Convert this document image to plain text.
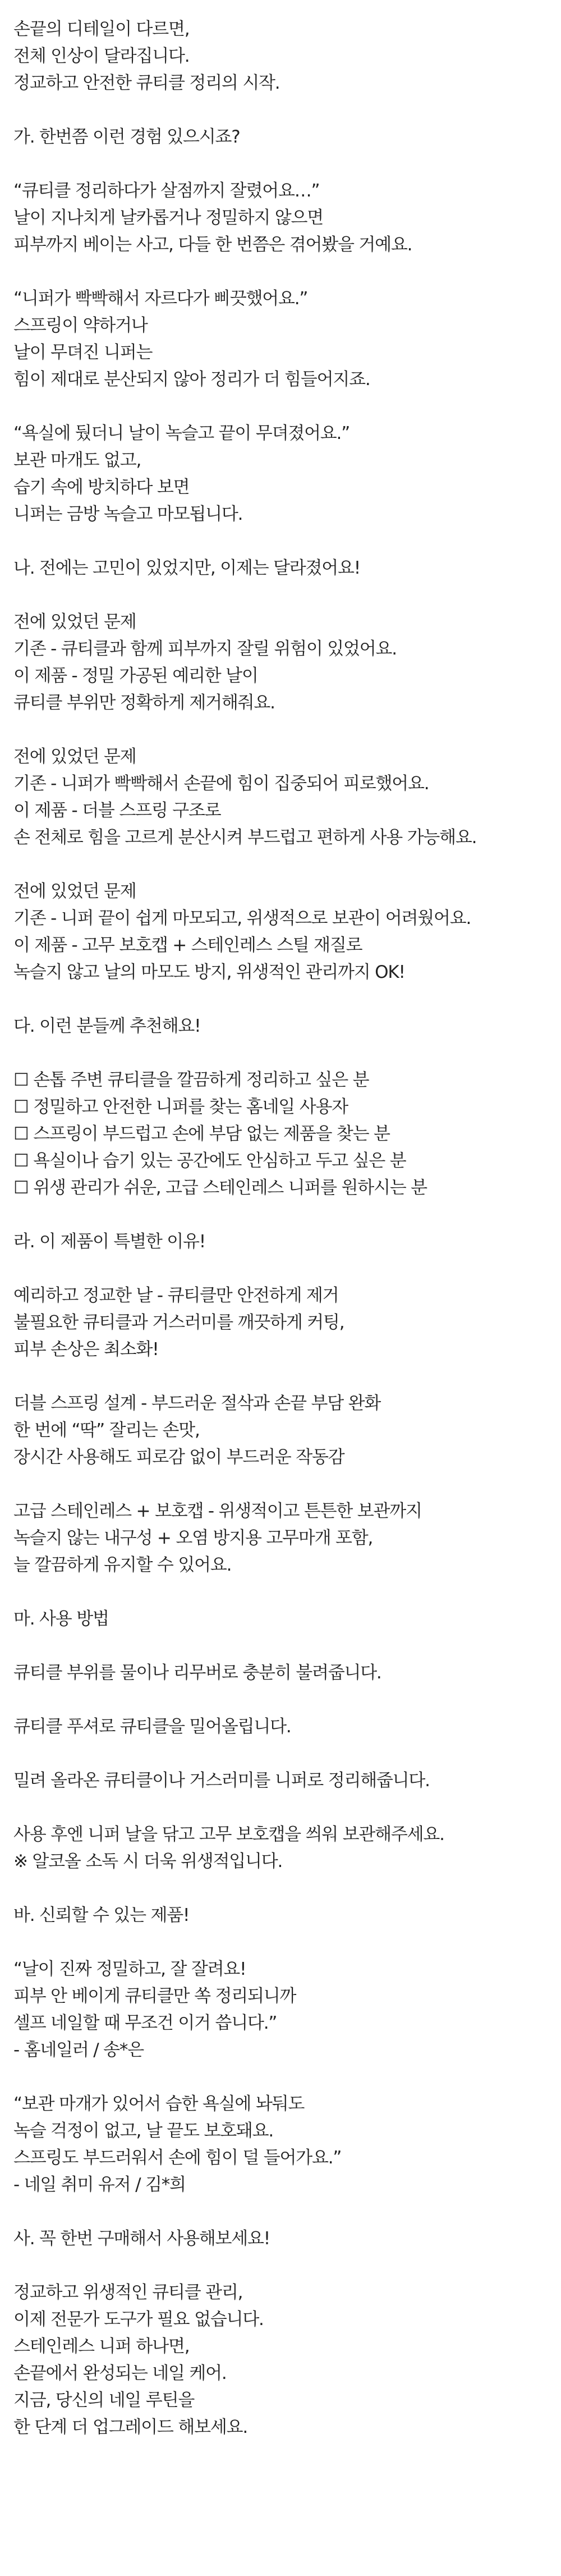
손끝의 디테일이 다르면,
전체 인상이 달라집니다.
정교하고 안전한 큐티클 정리의 시작.
가. 한번쯤 이런 경험 있으시죠?
“큐티클 정리하다가 살점까지 잘렸어요…”
날이 지나치게 날카롭거나 정밀하지 않으면
피부까지 베이는 사고, 다들 한 번쯤은 겪어봤을 거예요.
“니퍼가 빡빡해서 자르다가 삐끗했어요.”
스프링이 약하거나
날이 무뎌진 니퍼는
힘이 제대로 분산되지 않아 정리가 더 힘들어지죠.
“욕실에 뒀더니 날이 녹슬고 끝이 무뎌졌어요.”
보관 마개도 없고,
습기 속에 방치하다 보면
니퍼는 금방 녹슬고 마모됩니다.
나. 전에는 고민이 있었지만, 이제는 달라졌어요!
전에 있었던 문제
기존 - 큐티클과 함께 피부까지 잘릴 위험이 있었어요.
이 제품 - 정밀 가공된 예리한 날이
큐티클 부위만 정확하게 제거해줘요.
전에 있었던 문제
기존 - 니퍼가 빡빡해서 손끝에 힘이 집중되어 피로했어요.
이 제품 - 더블 스프링 구조로
손 전체로 힘을 고르게 분산시켜 부드럽고 편하게 사용 가능해요.
전에 있었던 문제
기존 - 니퍼 끝이 쉽게 마모되고, 위생적으로 보관이 어려웠어요.
이 제품 - 고무 보호캡 + 스테인레스 스틸 재질로
녹슬지 않고 날의 마모도 방지, 위생적인 관리까지 OK!
다. 이런 분들께 추천해요!
☐ 손톱 주변 큐티클을 깔끔하게 정리하고 싶은 분
☐ 정밀하고 안전한 니퍼를 찾는 홈네일 사용자
☐ 스프링이 부드럽고 손에 부담 없는 제품을 찾는 분
☐ 욕실이나 습기 있는 공간에도 안심하고 두고 싶은 분
☐ 위생 관리가 쉬운, 고급 스테인레스 니퍼를 원하시는 분
라. 이 제품이 특별한 이유!
예리하고 정교한 날 - 큐티클만 안전하게 제거
불필요한 큐티클과 거스러미를 깨끗하게 커팅,
피부 손상은 최소화!
더블 스프링 설계 - 부드러운 절삭과 손끝 부담 완화
한 번에 “딱” 잘리는 손맛,
장시간 사용해도 피로감 없이 부드러운 작동감
고급 스테인레스 + 보호캡 - 위생적이고 튼튼한 보관까지
녹슬지 않는 내구성 + 오염 방지용 고무마개 포함,
늘 깔끔하게 유지할 수 있어요.
마. 사용 방법
큐티클 부위를 물이나 리무버로 충분히 불려줍니다.
큐티클 푸셔로 큐티클을 밀어올립니다.
밀려 올라온 큐티클이나 거스러미를 니퍼로 정리해줍니다.
사용 후엔 니퍼 날을 닦고 고무 보호캡을 씌워 보관해주세요.
※ 알코올 소독 시 더욱 위생적입니다.
바. 신뢰할 수 있는 제품!
“날이 진짜 정밀하고, 잘 잘려요!
피부 안 베이게 큐티클만 쏙 정리되니까
셀프 네일할 때 무조건 이거 씁니다.”
- 홈네일러 / 송*은
“보관 마개가 있어서 습한 욕실에 놔둬도
녹슬 걱정이 없고, 날 끝도 보호돼요.
스프링도 부드러워서 손에 힘이 덜 들어가요.”
- 네일 취미 유저 / 김*희
사. 꼭 한번 구매해서 사용해보세요!
정교하고 위생적인 큐티클 관리,
이제 전문가 도구가 필요 없습니다.
스테인레스 니퍼 하나면,
손끝에서 완성되는 네일 케어.
지금, 당신의 네일 루틴을
한 단계 더 업그레이드 해보세요.
